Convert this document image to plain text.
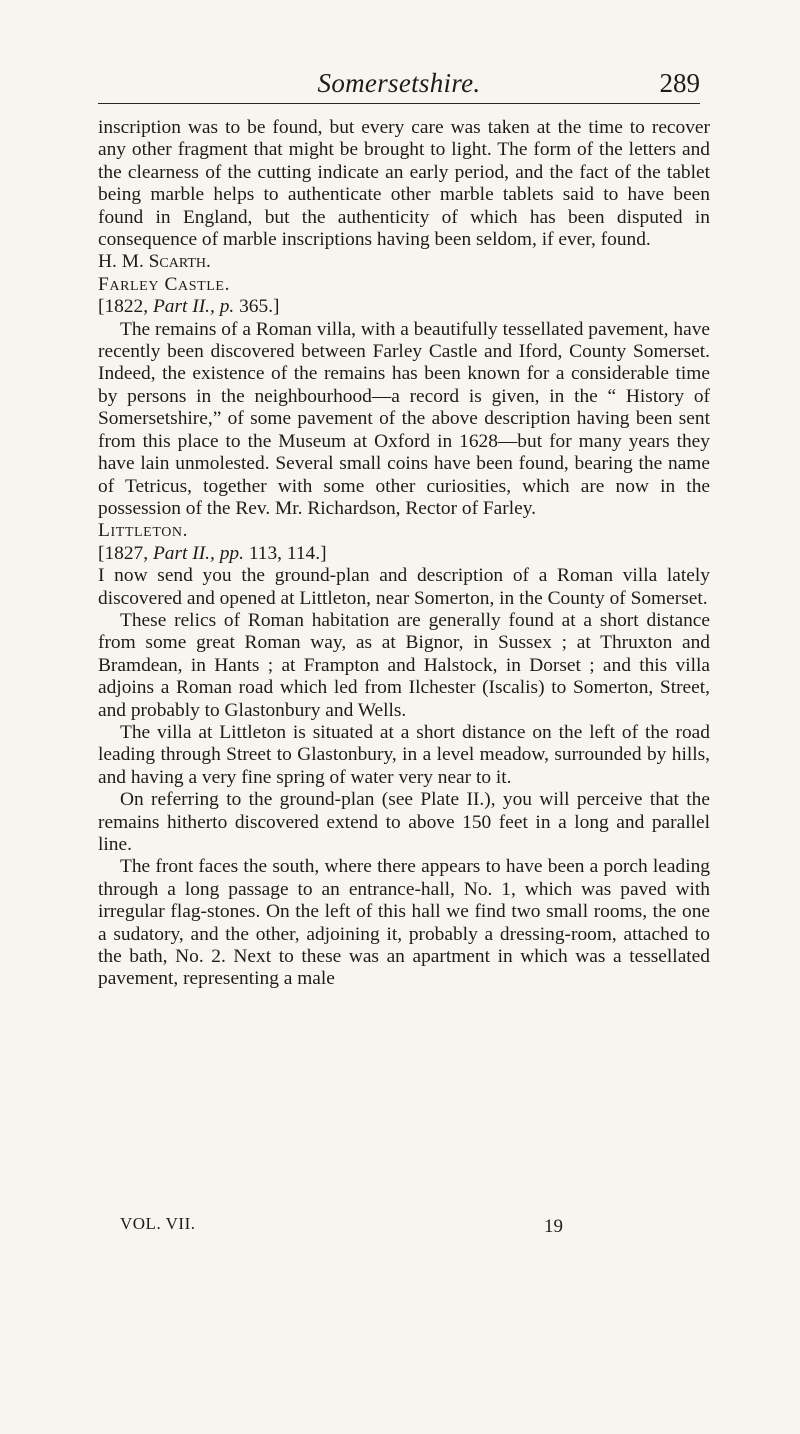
Somersetshire.	289

inscription was to be found, but every care was taken at the time to recover any other fragment that might be brought to light. The form of the letters and the clearness of the cutting indicate an early period, and the fact of the tablet being marble helps to authenticate other marble tablets said to have been found in England, but the authenticity of which has been disputed in consequence of marble inscriptions having been seldom, if ever, found.

H. M. Scarth.

Farley Castle.

[1822, Part II., p. 365.]

The remains of a Roman villa, with a beautifully tessellated pavement, have recently been discovered between Farley Castle and Iford, County Somerset. Indeed, the existence of the remains has been known for a considerable time by persons in the neighbourhood—a record is given, in the “ History of Somersetshire,” of some pavement of the above description having been sent from this place to the Museum at Oxford in 1628—but for many years they have lain unmolested. Several small coins have been found, bearing the name of Tetricus, together with some other curiosities, which are now in the possession of the Rev. Mr. Richardson, Rector of Farley.

Littleton.

[1827, Part II., pp. 113, 114.]

I now send you the ground-plan and description of a Roman villa lately discovered and opened at Littleton, near Somerton, in the County of Somerset.

These relics of Roman habitation are generally found at a short distance from some great Roman way, as at Bignor, in Sussex ; at Thruxton and Bramdean, in Hants ; at Frampton and Halstock, in Dorset ; and this villa adjoins a Roman road which led from Ilchester (Iscalis) to Somerton, Street, and probably to Glastonbury and Wells.

The villa at Littleton is situated at a short distance on the left of the road leading through Street to Glastonbury, in a level meadow, surrounded by hills, and having a very fine spring of water very near to it.

On referring to the ground-plan (see Plate II.), you will perceive that the remains hitherto discovered extend to above 150 feet in a long and parallel line.

The front faces the south, where there appears to have been a porch leading through a long passage to an entrance-hall, No. 1, which was paved with irregular flag-stones. On the left of this hall we find two small rooms, the one a sudatory, and the other, adjoining it, probably a dressing-room, attached to the bath, No. 2. Next to these was an apartment in which was a tessellated pavement, representing a male

VOL. VII.	19
